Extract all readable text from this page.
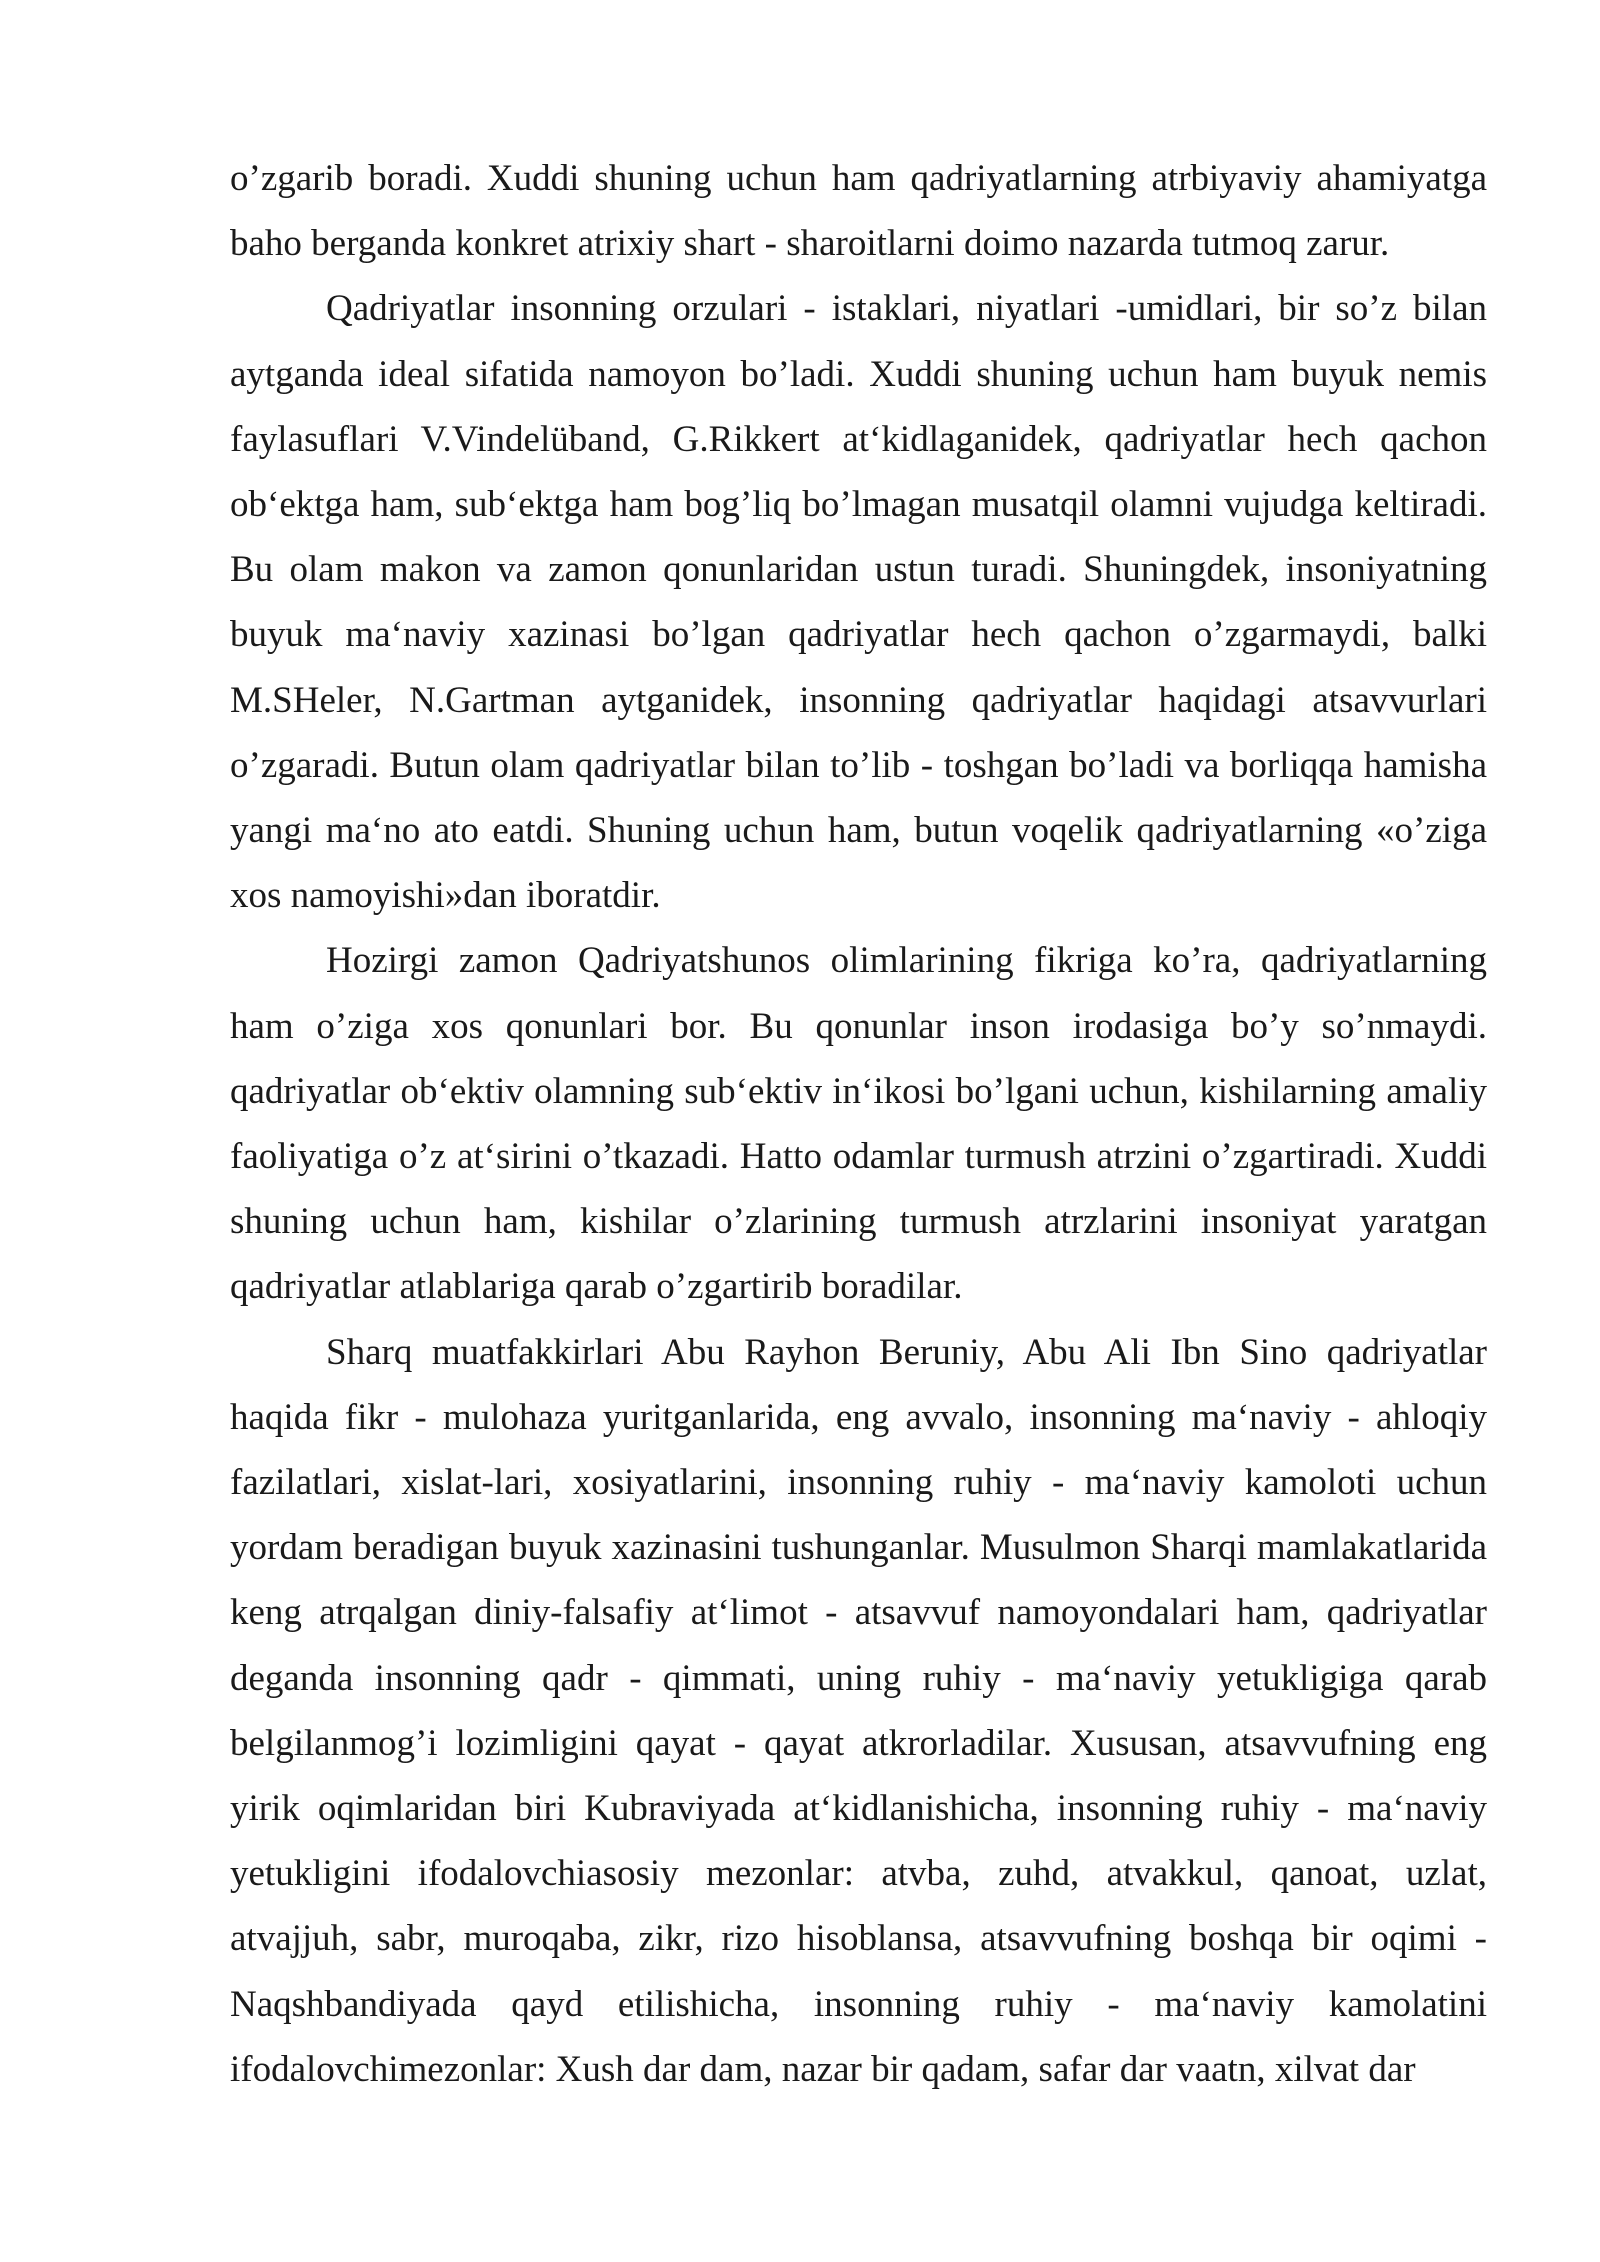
o’zgarib boradi. Xuddi shuning uchun ham qadriyatlarning atrbiyaviy ahamiyatga baho berganda konkret atrixiy shart - sharoitlarni doimo nazarda tutmoq zarur.

Qadriyatlar insonning orzulari - istaklari, niyatlari -umidlari, bir so’z bilan aytganda ideal sifatida namoyon bo’ladi. Xuddi shuning uchun ham buyuk nemis faylasuflari V.Vindelüband, G.Rikkert at‘kidlaganidek, qadriyatlar hech qachon ob‘ektga ham, sub‘ektga ham bog’liq bo’lmagan musatqil olamni vujudga keltiradi. Bu olam makon va zamon qonunlaridan ustun turadi. Shuningdek, insoniyatning buyuk ma‘naviy xazinasi bo’lgan qadriyatlar hech qachon o’zgarmaydi, balki M.SHeler, N.Gartman aytganidek, insonning qadriyatlar haqidagi atsavvurlari o’zgaradi. Butun olam qadriyatlar bilan to’lib - toshgan bo’ladi va borliqqa hamisha yangi ma‘no ato eatdi. Shuning uchun ham, butun voqelik qadriyatlarning «o’ziga xos namoyishi»dan iboratdir.

Hozirgi zamon Qadriyatshunos olimlarining fikriga ko’ra, qadriyatlarning ham o’ziga xos qonunlari bor. Bu qonunlar inson irodasiga bo’y so’nmaydi. qadriyatlar ob‘ektiv olamning sub‘ektiv in‘ikosi bo’lgani uchun, kishilarning amaliy faoliyatiga o’z at‘sirini o’tkazadi. Hatto odamlar turmush atrzini o’zgartiradi. Xuddi shuning uchun ham, kishilar o’zlarining turmush atrzlarini insoniyat yaratgan qadriyatlar atlablariga qarab o’zgartirib boradilar.

Sharq muatfakkirlari Abu Rayhon Beruniy, Abu Ali Ibn Sino qadriyatlar haqida fikr - mulohaza yuritganlarida, eng avvalo, insonning ma‘naviy - ahloqiy fazilatlari, xislat-lari, xosiyatlarini, insonning ruhiy - ma‘naviy kamoloti uchun yordam beradigan buyuk xazinasini tushunganlar. Musulmon Sharqi mamlakatlarida keng atrqalgan diniy-falsafiy at‘limot - atsavvuf namoyondalari ham, qadriyatlar deganda insonning qadr - qimmati, uning ruhiy - ma‘naviy yetukligiga qarab belgilanmog’i lozimligini qayat - qayat atkrorladilar. Xususan, atsavvufning eng yirik oqimlaridan biri Kubraviyada at‘kidlanishicha, insonning ruhiy - ma‘naviy yetukligini ifodalovchiasosiy mezonlar: atvba, zuhd, atvakkul, qanoat, uzlat, atvajjuh, sabr, muroqaba, zikr, rizo hisoblansa, atsavvufning boshqa bir oqimi - Naqshbandiyada qayd etilishicha, insonning ruhiy - ma‘naviy kamolatini ifodalovchimezonlar: Xush dar dam, nazar bir qadam, safar dar vaatn, xilvat dar
